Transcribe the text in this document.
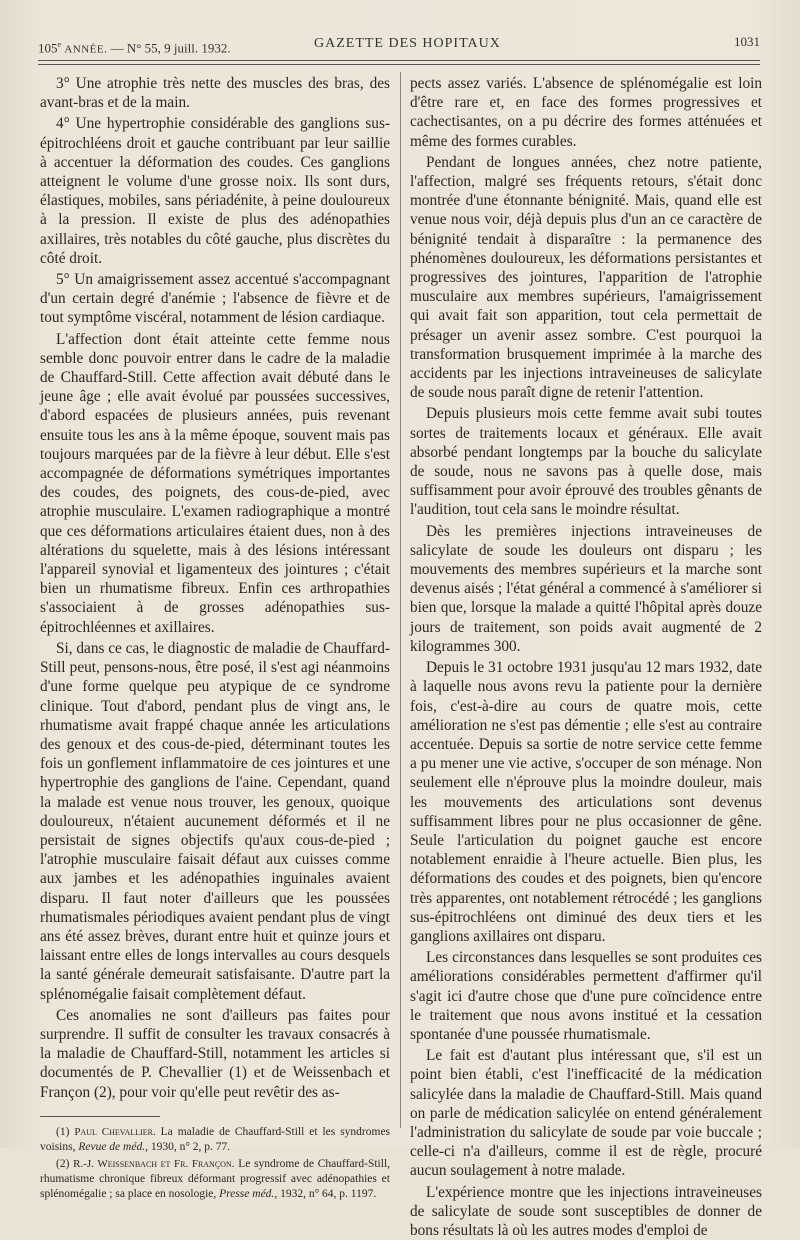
105e ANNÉE. — N° 55, 9 juill. 1932.	GAZETTE DES HOPITAUX	1031

3° Une atrophie très nette des muscles des bras, des avant-bras et de la main.

4° Une hypertrophie considérable des ganglions sus-épitrochléens droit et gauche contribuant par leur saillie à accentuer la déformation des coudes. Ces ganglions atteignent le volume d'une grosse noix. Ils sont durs, élastiques, mobiles, sans périadénite, à peine douloureux à la pression. Il existe de plus des adénopathies axillaires, très notables du côté gauche, plus discrètes du côté droit.

5° Un amaigrissement assez accentué s'accompagnant d'un certain degré d'anémie ; l'absence de fièvre et de tout symptôme viscéral, notamment de lésion cardiaque.

L'affection dont était atteinte cette femme nous semble donc pouvoir entrer dans le cadre de la maladie de Chauffard-Still. Cette affection avait débuté dans le jeune âge ; elle avait évolué par poussées successives, d'abord espacées de plusieurs années, puis revenant ensuite tous les ans à la même époque, souvent mais pas toujours marquées par de la fièvre à leur début. Elle s'est accompagnée de déformations symétriques importantes des coudes, des poignets, des cous-de-pied, avec atrophie musculaire. L'examen radiographique a montré que ces déformations articulaires étaient dues, non à des altérations du squelette, mais à des lésions intéressant l'appareil synovial et ligamenteux des jointures ; c'était bien un rhumatisme fibreux. Enfin ces arthropathies s'associaient à de grosses adénopathies sus-épitrochléennes et axillaires.

Si, dans ce cas, le diagnostic de maladie de Chauffard-Still peut, pensons-nous, être posé, il s'est agi néanmoins d'une forme quelque peu atypique de ce syndrome clinique. Tout d'abord, pendant plus de vingt ans, le rhumatisme avait frappé chaque année les articulations des genoux et des cous-de-pied, déterminant toutes les fois un gonflement inflammatoire de ces jointures et une hypertrophie des ganglions de l'aine. Cependant, quand la malade est venue nous trouver, les genoux, quoique douloureux, n'étaient aucunement déformés et il ne persistait de signes objectifs qu'aux cous-de-pied ; l'atrophie musculaire faisait défaut aux cuisses comme aux jambes et les adénopathies inguinales avaient disparu. Il faut noter d'ailleurs que les poussées rhumatismales périodiques avaient pendant plus de vingt ans été assez brèves, durant entre huit et quinze jours et laissant entre elles de longs intervalles au cours desquels la santé générale demeurait satisfaisante. D'autre part la splénomégalie faisait complètement défaut.

Ces anomalies ne sont d'ailleurs pas faites pour surprendre. Il suffit de consulter les travaux consacrés à la maladie de Chauffard-Still, notamment les articles si documentés de P. Chevallier (1) et de Weissenbach et Françon (2), pour voir qu'elle peut revêtir des as-

(1) Paul Chevallier. La maladie de Chauffard-Still et les syndromes voisins, Revue de méd., 1930, n° 2, p. 77.

(2) R.-J. Weissenbach et Fr. Françon. Le syndrome de Chauffard-Still, rhumatisme chronique fibreux déformant progressif avec adénopathies et splénomégalie ; sa place en nosologie, Presse méd., 1932, n° 64, p. 1197.

pects assez variés. L'absence de splénomégalie est loin d'être rare et, en face des formes progressives et cachectisantes, on a pu décrire des formes atténuées et même des formes curables.

Pendant de longues années, chez notre patiente, l'affection, malgré ses fréquents retours, s'était donc montrée d'une étonnante bénignité. Mais, quand elle est venue nous voir, déjà depuis plus d'un an ce caractère de bénignité tendait à disparaître : la permanence des phénomènes douloureux, les déformations persistantes et progressives des jointures, l'apparition de l'atrophie musculaire aux membres supérieurs, l'amaigrissement qui avait fait son apparition, tout cela permettait de présager un avenir assez sombre. C'est pourquoi la transformation brusquement imprimée à la marche des accidents par les injections intraveineuses de salicylate de soude nous paraît digne de retenir l'attention.

Depuis plusieurs mois cette femme avait subi toutes sortes de traitements locaux et généraux. Elle avait absorbé pendant longtemps par la bouche du salicylate de soude, nous ne savons pas à quelle dose, mais suffisamment pour avoir éprouvé des troubles gênants de l'audition, tout cela sans le moindre résultat.

Dès les premières injections intraveineuses de salicylate de soude les douleurs ont disparu ; les mouvements des membres supérieurs et la marche sont devenus aisés ; l'état général a commencé à s'améliorer si bien que, lorsque la malade a quitté l'hôpital après douze jours de traitement, son poids avait augmenté de 2 kilogrammes 300.

Depuis le 31 octobre 1931 jusqu'au 12 mars 1932, date à laquelle nous avons revu la patiente pour la dernière fois, c'est-à-dire au cours de quatre mois, cette amélioration ne s'est pas démentie ; elle s'est au contraire accentuée. Depuis sa sortie de notre service cette femme a pu mener une vie active, s'occuper de son ménage. Non seulement elle n'éprouve plus la moindre douleur, mais les mouvements des articulations sont devenus suffisamment libres pour ne plus occasionner de gêne. Seule l'articulation du poignet gauche est encore notablement enraidie à l'heure actuelle. Bien plus, les déformations des coudes et des poignets, bien qu'encore très apparentes, ont notablement rétrocédé ; les ganglions sus-épitrochléens ont diminué des deux tiers et les ganglions axillaires ont disparu.

Les circonstances dans lesquelles se sont produites ces améliorations considérables permettent d'affirmer qu'il s'agit ici d'autre chose que d'une pure coïncidence entre le traitement que nous avons institué et la cessation spontanée d'une poussée rhumatismale.

Le fait est d'autant plus intéressant que, s'il est un point bien établi, c'est l'inefficacité de la médication salicylée dans la maladie de Chauffard-Still. Mais quand on parle de médication salicylée on entend généralement l'administration du salicylate de soude par voie buccale ; celle-ci n'a d'ailleurs, comme il est de règle, procuré aucun soulagement à notre malade.

L'expérience montre que les injections intraveineuses de salicylate de soude sont susceptibles de donner de bons résultats là où les autres modes d'emploi de
